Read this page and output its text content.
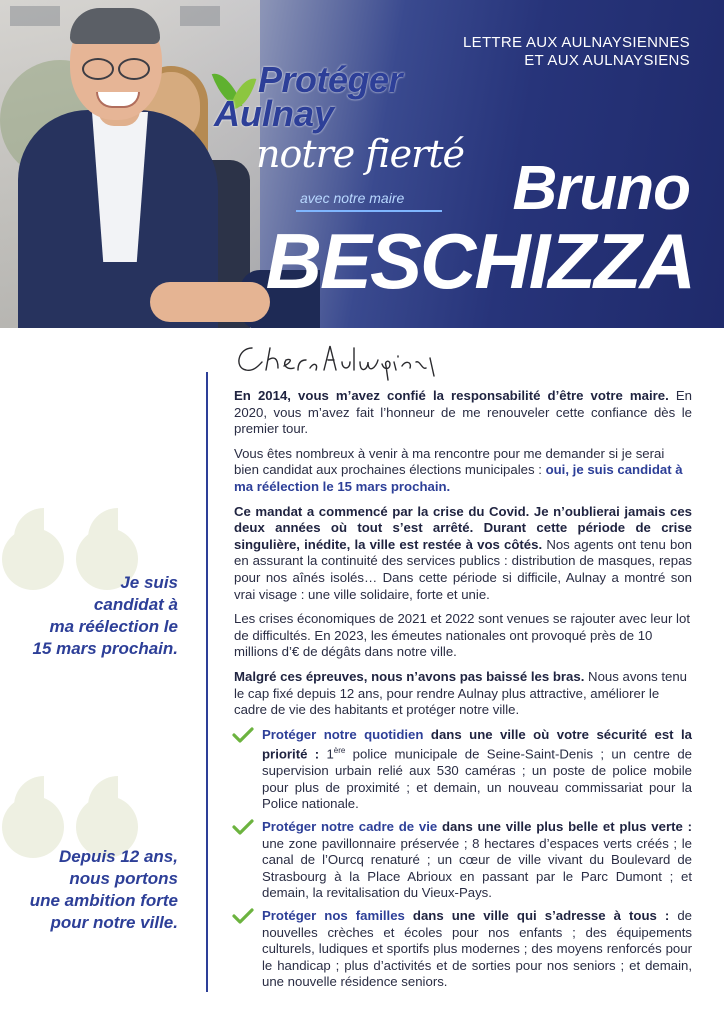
LETTRE AUX AULNAYSIENNES
ET AUX AULNAYSIENS
Protéger
Aulnay
notre fierté
avec notre maire Bruno
BESCHIZZA
Je suis
candidat à
ma réélection le
15 mars prochain.
Depuis 12 ans,
nous portons
une ambition forte
pour notre ville.

En 2014, vous m’avez confié la responsabilité d’être votre maire. En 2020, vous m’avez fait l’honneur de me renouveler cette confiance dès le premier tour.

Vous êtes nombreux à venir à ma rencontre pour me demander si je serai bien candidat aux prochaines élections municipales : oui, je suis candidat à ma réélection le 15 mars prochain.

Ce mandat a commencé par la crise du Covid. Je n’oublierai jamais ces deux années où tout s’est arrêté. Durant cette période de crise singulière, inédite, la ville est restée à vos côtés. Nos agents ont tenu bon en assurant la continuité des services publics : distribution de masques, repas pour nos aînés isolés… Dans cette période si difficile, Aulnay a montré son vrai visage : une ville solidaire, forte et unie.

Les crises économiques de 2021 et 2022 sont venues se rajouter avec leur lot de difficultés. En 2023, les émeutes nationales ont provoqué près de 10 millions d’€ de dégâts dans notre ville.

Malgré ces épreuves, nous n’avons pas baissé les bras. Nous avons tenu le cap fixé depuis 12 ans, pour rendre Aulnay plus attractive, améliorer le cadre de vie des habitants et protéger notre ville.

Protéger notre quotidien dans une ville où votre sécurité est la priorité : 1ère police municipale de Seine-Saint-Denis ; un centre de supervision urbain relié aux 530 caméras ; un poste de police mobile pour plus de proximité ; et demain, un nouveau commissariat pour la Police nationale.
Protéger notre cadre de vie dans une ville plus belle et plus verte : une zone pavillonnaire préservée ; 8 hectares d’espaces verts créés ; le canal de l’Ourcq renaturé ; un cœur de ville vivant du Boulevard de Strasbourg à la Place Abrioux en passant par le Parc Dumont ; et demain, la revitalisation du Vieux-Pays.
Protéger nos familles dans une ville qui s’adresse à tous : de nouvelles crèches et écoles pour nos enfants ; des équipements culturels, ludiques et sportifs plus modernes ; des moyens renforcés pour le handicap ; plus d’activités et de sorties pour nos seniors ; et demain, une nouvelle résidence seniors.
